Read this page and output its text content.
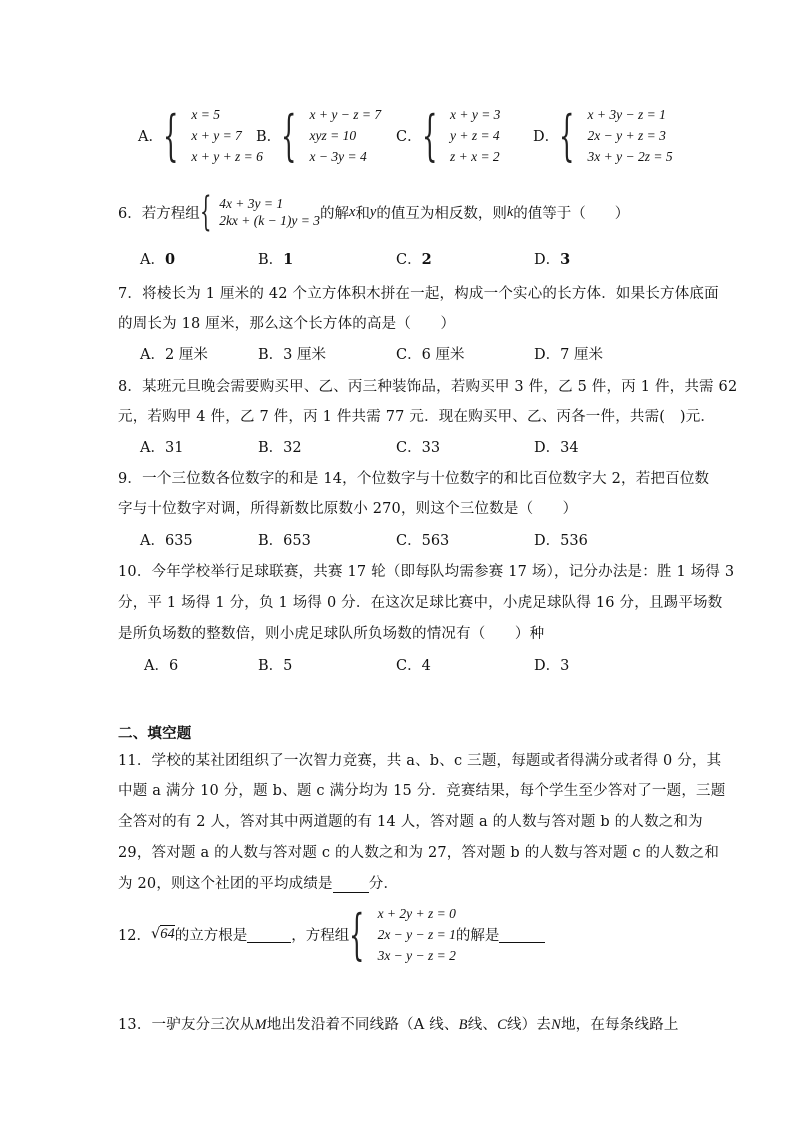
A． { x = 5
x + y = 7
x + y + z = 6
B． { x + y − z = 7
xyz = 10
x − 3y = 4
C． { x + y = 3
y + z = 4
z + x = 2
D． { x + 3y − z = 1
2x − y + z = 3
3x + y − 2z = 5
6．若方程组 { 4x + 3y = 1
2kx + (k − 1)y = 3 的解 x 和 y 的值互为相反数，则 k 的值等于（　　）
A．0	B．1	C．2	D．3
7．将棱长为 1 厘米的 42 个立方体积木拼在一起，构成一个实心的长方体．如果长方体底面
的周长为 18 厘米，那么这个长方体的高是（　　）
A．2 厘米	B．3 厘米	C．6 厘米	D．7 厘米
8．某班元旦晚会需要购买甲、乙、丙三种装饰品，若购买甲 3 件，乙 5 件，丙 1 件，共需 62
元，若购甲 4 件，乙 7 件，丙 1 件共需 77 元．现在购买甲、乙、丙各一件，共需(　)元．
A．31	B．32	C．33	D．34
9．一个三位数各位数字的和是 14，个位数字与十位数字的和比百位数字大 2，若把百位数
字与十位数字对调，所得新数比原数小 270，则这个三位数是（　　）
A．635	B．653	C．563	D．536
10．今年学校举行足球联赛，共赛 17 轮（即每队均需参赛 17 场），记分办法是：胜 1 场得 3
分，平 1 场得 1 分，负 1 场得 0 分．在这次足球比赛中，小虎足球队得 16 分，且踢平场数
是所负场数的整数倍，则小虎足球队所负场数的情况有（　　）种
A．6	B．5	C．4	D．3
二、填空题
11．学校的某社团组织了一次智力竞赛，共 a、b、c 三题，每题或者得满分或者得 0 分，其
中题 a 满分 10 分，题 b、题 c 满分均为 15 分．竞赛结果，每个学生至少答对了一题，三题
全答对的有 2 人，答对其中两道题的有 14 人，答对题 a 的人数与答对题 b 的人数之和为
29，答对题 a 的人数与答对题 c 的人数之和为 27，答对题 b 的人数与答对题 c 的人数之和
为 20，则这个社团的平均成绩是 分．
12． √64 的立方根是
	，方程组 { x + 2y + z = 0
2x − y − z = 1
3x − y − z = 2
的解是

13．一驴友分三次从M地出发沿着不同线路（A 线、B线、C线）去N地，在每条线路上
